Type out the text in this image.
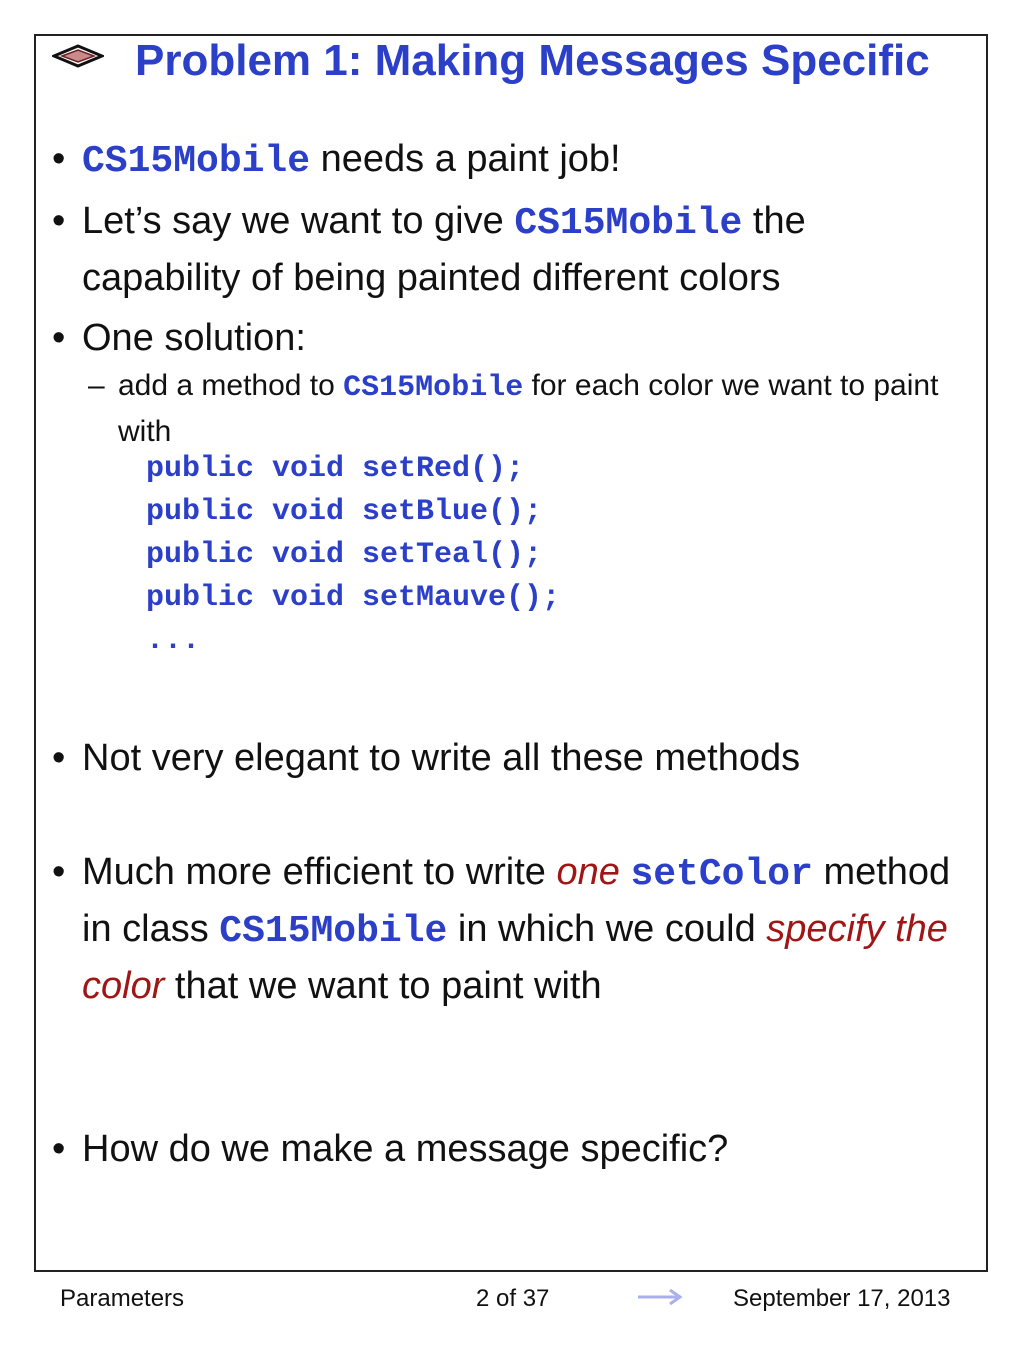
Problem 1: Making Messages Specific
• CS15Mobile needs a paint job!
• Let’s say we want to give CS15Mobile the capability of being painted different colors
• One solution:
– add a method to CS15Mobile for each color we want to paint with
public void setRed();
public void setBlue();
public void setTeal();
public void setMauve();
...
• Not very elegant to write all these methods
• Much more efficient to write one setColor method in class CS15Mobile in which we could specify the color that we want to paint with
• How do we make a message specific?
Parameters	2 of 37	September 17, 2013
